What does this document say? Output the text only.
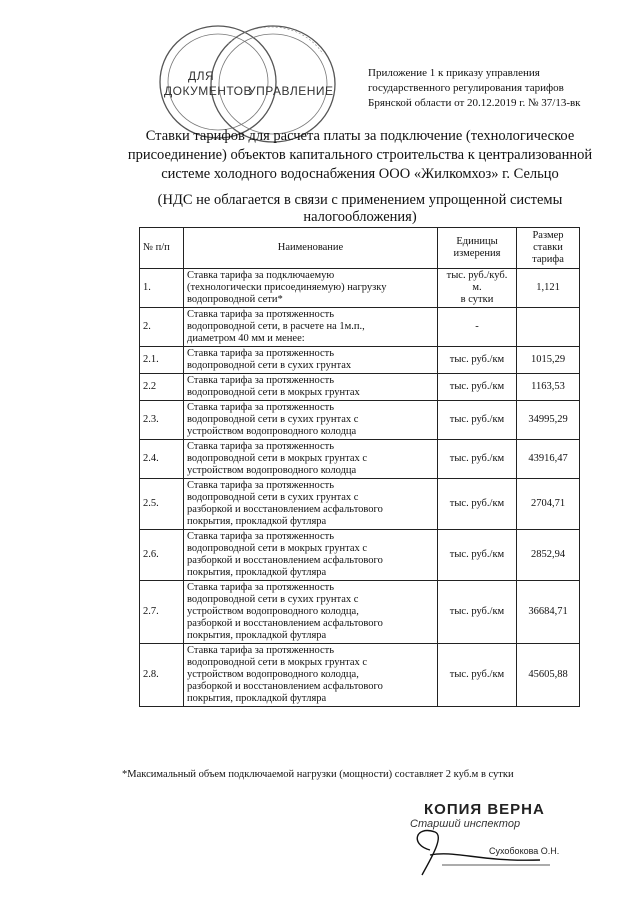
ДЛЯ
ДОКУМЕНТОВ
УПРАВЛЕНИЕ
Приложение 1 к приказу управления
государственного регулирования тарифов
Брянской области от 20.12.2019 г. № 37/13-вк
Ставки тарифов для расчета платы за подключение (технологическое
присоединение) объектов капитального строительства к централизованной
системе холодного водоснабжения ООО «Жилкомхоз» г. Сельцо
(НДС не облагается в связи с применением упрощенной системы
налогообложения)
№ п/п	Наименование	Единицы измерения	Размер ставки тарифа
1.	Ставка тарифа за подключаемую
(технологически присоединяемую) нагрузку
водопроводной сети*	тыс. руб./куб.
м.
в сутки	1,121
2.	Ставка тарифа за протяженность
водопроводной сети, в расчете на 1м.п.,
диаметром 40 мм и менее:	-	

2.1.	Ставка тарифа за протяженность
водопроводной сети в сухих грунтах	тыс. руб./км	1015,29
2.2	Ставка тарифа за протяженность
водопроводной сети в мокрых грунтах	тыс. руб./км	1163,53
2.3.	Ставка тарифа за протяженность
водопроводной сети в сухих грунтах с
устройством водопроводного колодца	тыс. руб./км	34995,29
2.4.	Ставка тарифа за протяженность
водопроводной сети в мокрых грунтах с
устройством водопроводного колодца	тыс. руб./км	43916,47
2.5.	Ставка тарифа за протяженность
водопроводной сети в сухих грунтах с
разборкой и восстановлением асфальтового
покрытия, прокладкой футляра	тыс. руб./км	2704,71
2.6.	Ставка тарифа за протяженность
водопроводной сети в мокрых грунтах с
разборкой и восстановлением асфальтового
покрытия, прокладкой футляра	тыс. руб./км	2852,94
2.7.	Ставка тарифа за протяженность
водопроводной сети в сухих грунтах с
устройством водопроводного колодца,
разборкой и восстановлением асфальтового
покрытия, прокладкой футляра	тыс. руб./км	36684,71
2.8.	Ставка тарифа за протяженность
водопроводной сети в мокрых грунтах с
устройством водопроводного колодца,
разборкой и восстановлением асфальтового
покрытия, прокладкой футляра	тыс. руб./км	45605,88
*Максимальный объем подключаемой нагрузки (мощности) составляет 2 куб.м в сутки
КОПИЯ ВЕРНА
Старший инспектор
Сухобокова О.Н.
